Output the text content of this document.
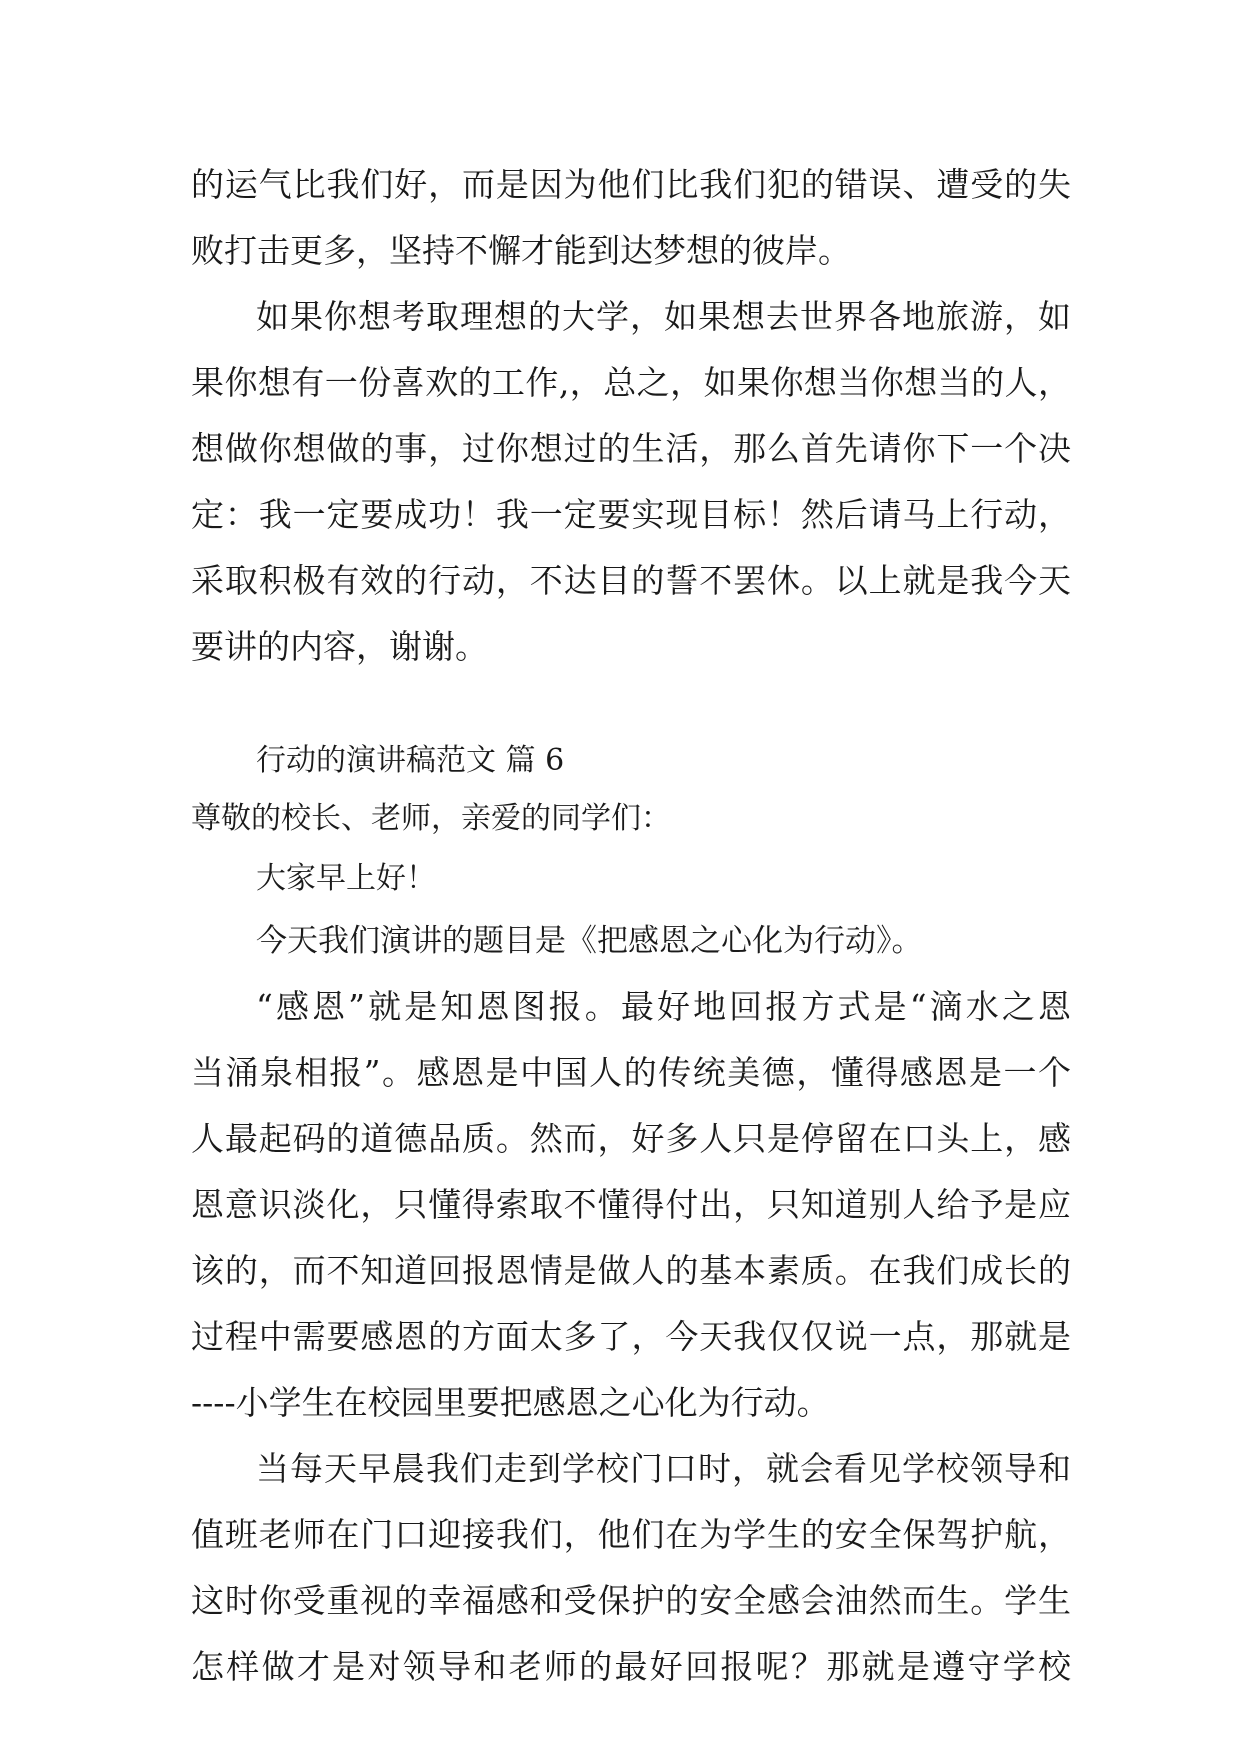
的运气比我们好，而是因为他们比我们犯的错误、遭受的失
败打击更多，坚持不懈才能到达梦想的彼岸。
如果你想考取理想的大学，如果想去世界各地旅游，如
果你想有一份喜欢的工作,，总之，如果你想当你想当的人，
想做你想做的事，过你想过的生活，那么首先请你下一个决
定：我一定要成功！我一定要实现目标！然后请马上行动，
采取积极有效的行动，不达目的誓不罢休。以上就是我今天
要讲的内容，谢谢。
行动的演讲稿范文 篇 6
尊敬的校长、老师，亲爱的同学们：
大家早上好！
今天我们演讲的题目是《把感恩之心化为行动》。
“感恩”就是知恩图报。最好地回报方式是“滴水之恩
当涌泉相报”。感恩是中国人的传统美德，懂得感恩是一个
人最起码的道德品质。然而，好多人只是停留在口头上，感
恩意识淡化，只懂得索取不懂得付出，只知道别人给予是应
该的，而不知道回报恩情是做人的基本素质。在我们成长的
过程中需要感恩的方面太多了，今天我仅仅说一点，那就是
----小学生在校园里要把感恩之心化为行动。
当每天早晨我们走到学校门口时，就会看见学校领导和
值班老师在门口迎接我们，他们在为学生的安全保驾护航，
这时你受重视的幸福感和受保护的安全感会油然而生。学生
怎样做才是对领导和老师的最好回报呢？那就是遵守学校
